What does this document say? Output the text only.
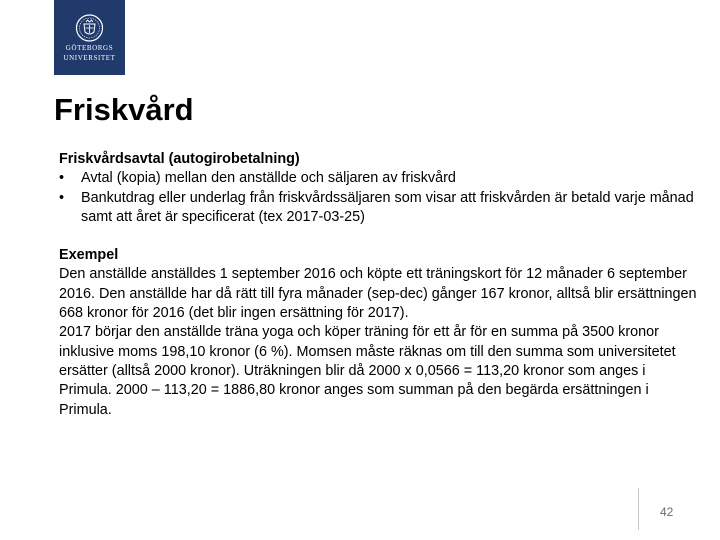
GÖTEBORGS
UNIVERSITET
Friskvård
Friskvårdsavtal (autogirobetalning)
• Avtal (kopia) mellan den anställde och säljaren av friskvård
• Bankutdrag eller underlag från friskvårdssäljaren som visar att friskvården är betald varje månad samt att året är specificerat (tex 2017-03-25)
Exempel
Den anställde anställdes 1 september 2016 och köpte ett träningskort för 12 månader 6 september 2016. Den anställde har då rätt till fyra månader (sep-dec) gånger 167 kronor, alltså blir ersättningen 668 kronor för 2016 (det blir ingen ersättning för 2017).
2017 börjar den anställde träna yoga och köper träning för ett år för en summa på 3500 kronor inklusive moms 198,10 kronor (6 %). Momsen måste räknas om till den summa som universitetet ersätter (alltså 2000 kronor). Uträkningen blir då 2000 x 0,0566 = 113,20 kronor som anges i Primula. 2000 – 113,20 = 1886,80 kronor anges som summan på den begärda ersättningen i Primula.
42
